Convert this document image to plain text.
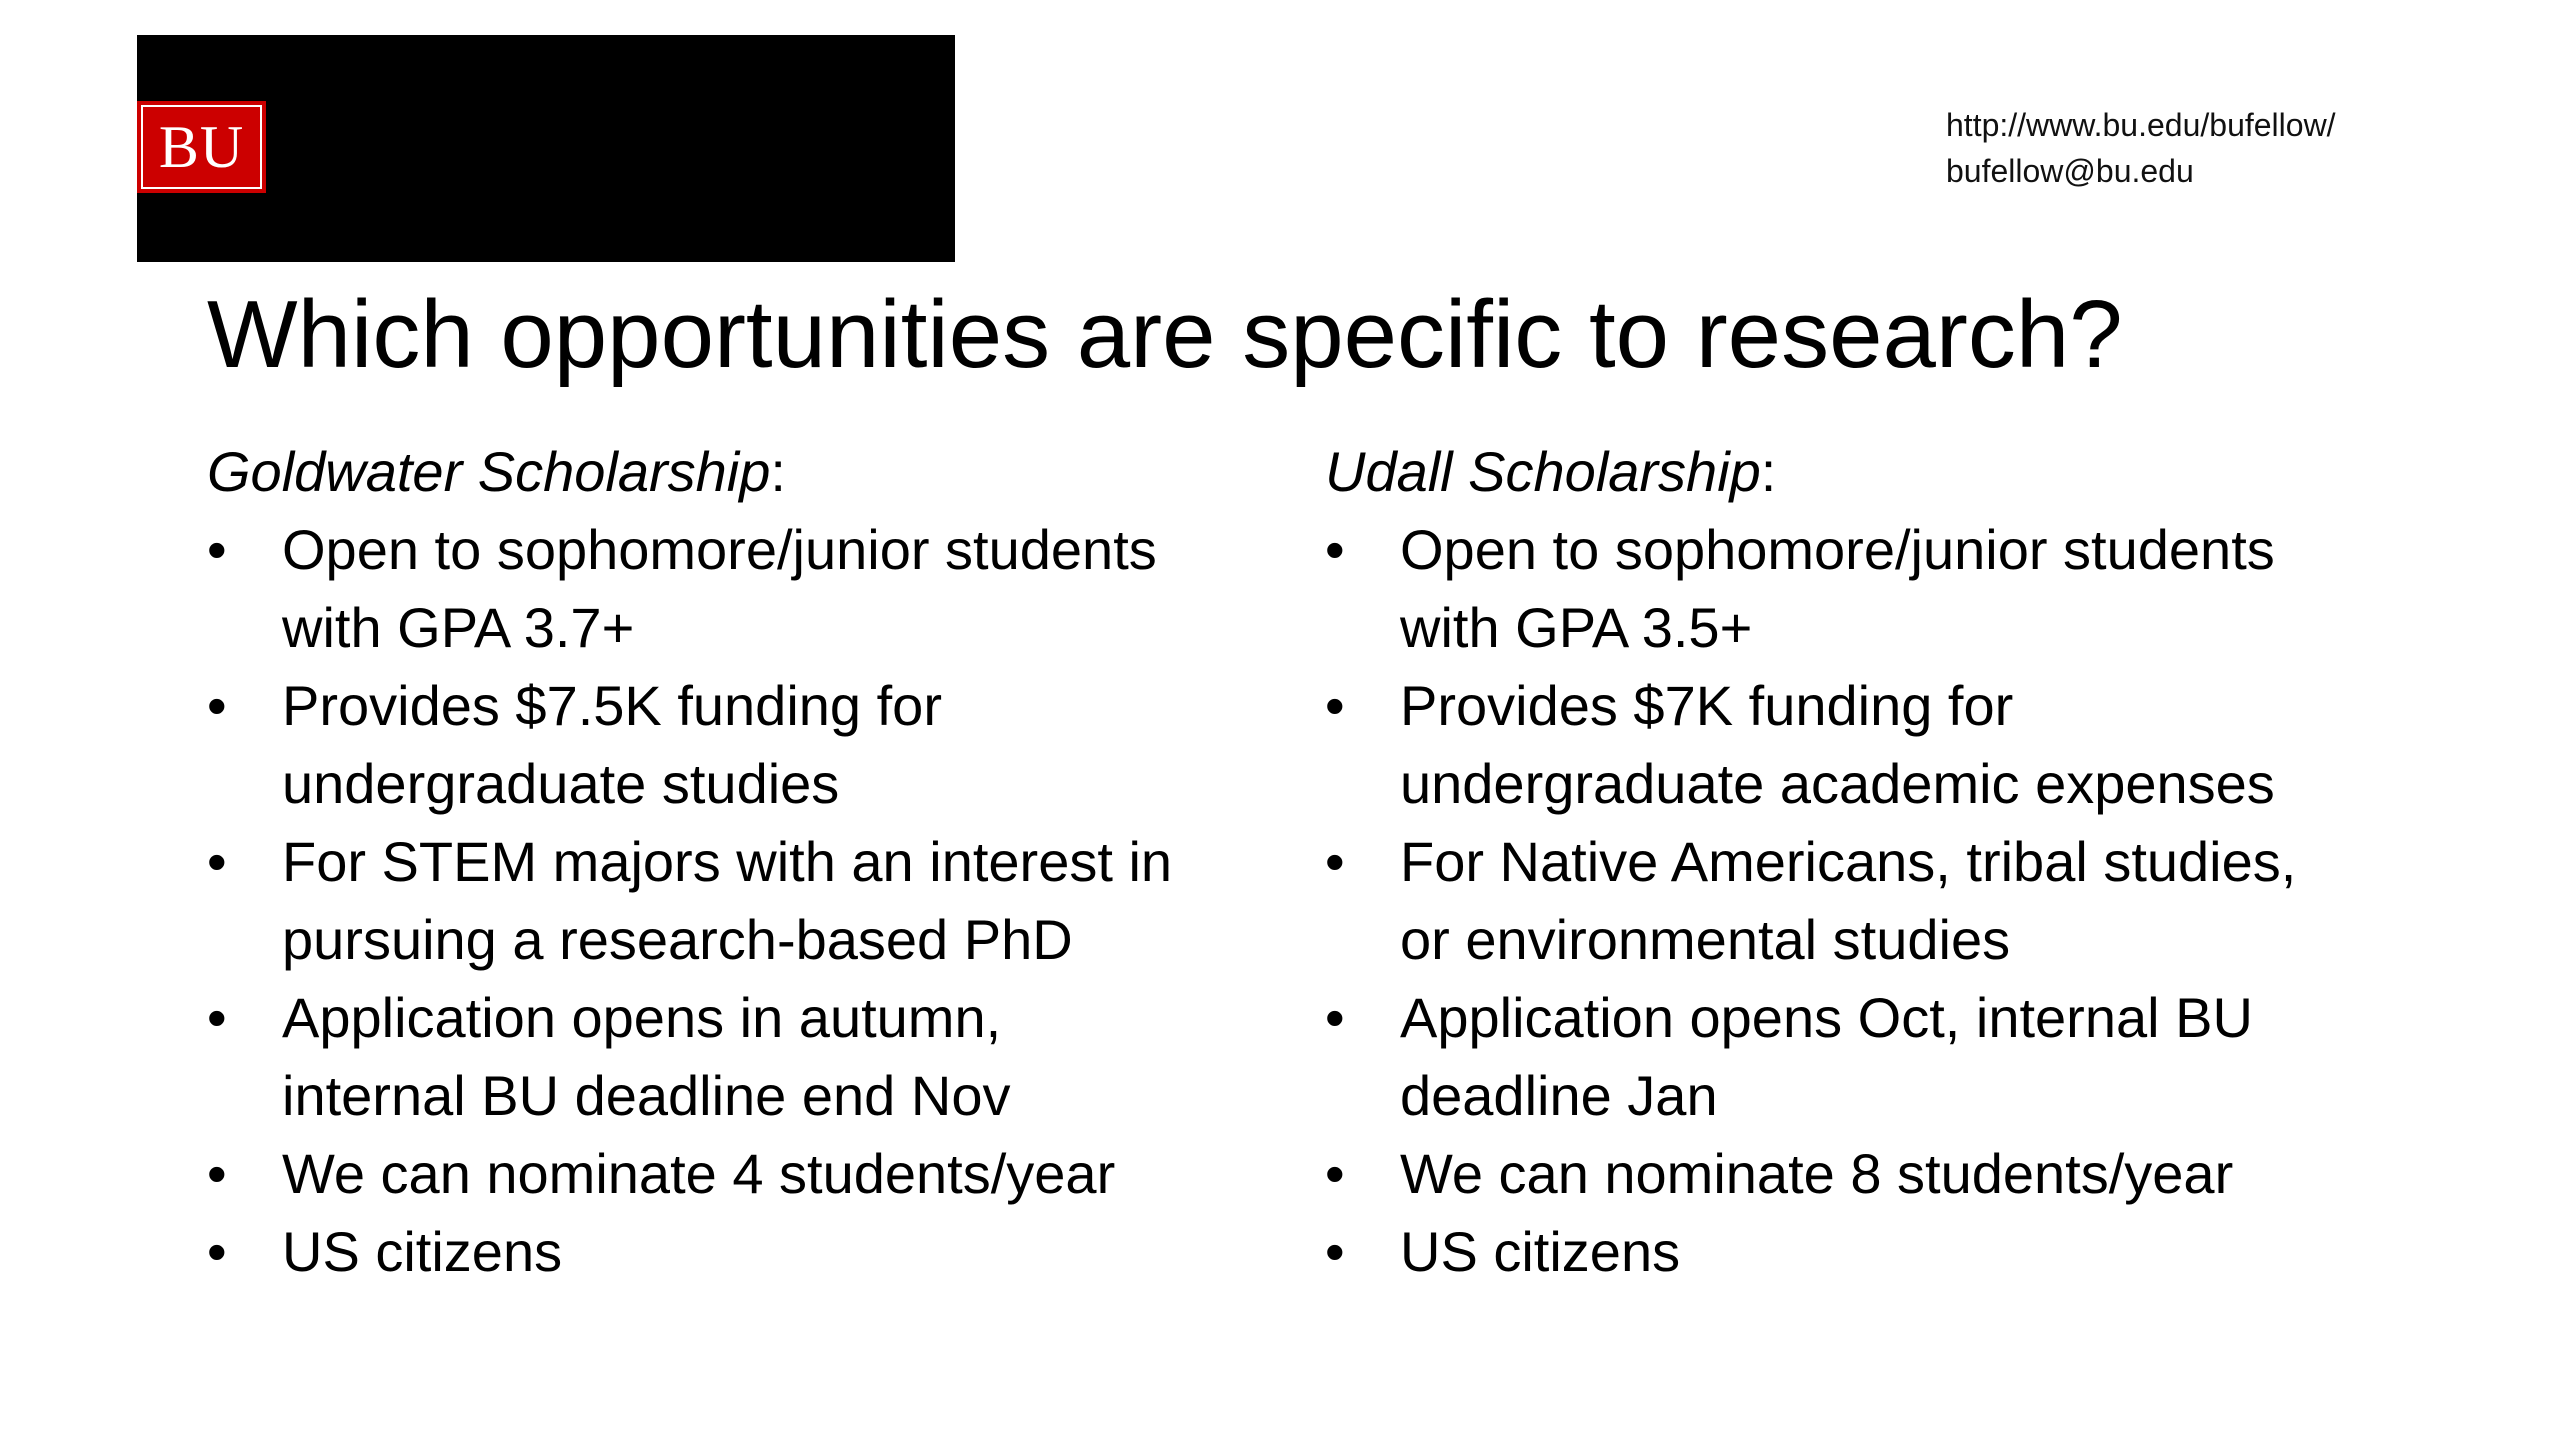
BU	http://www.bu.edu/bufellow/
bufellow@bu.edu
Which opportunities are specific to research?
Goldwater Scholarship:
• Open to sophomore/junior students
with GPA 3.7+
• Provides $7.5K funding for
undergraduate studies
• For STEM majors with an interest in
pursuing a research-based PhD
• Application opens in autumn,
internal BU deadline end Nov
• We can nominate 4 students/year
• US citizens
Udall Scholarship:
• Open to sophomore/junior students
with GPA 3.5+
• Provides $7K funding for
undergraduate academic expenses
• For Native Americans, tribal studies,
or environmental studies
• Application opens Oct, internal BU
deadline Jan
• We can nominate 8 students/year
• US citizens
